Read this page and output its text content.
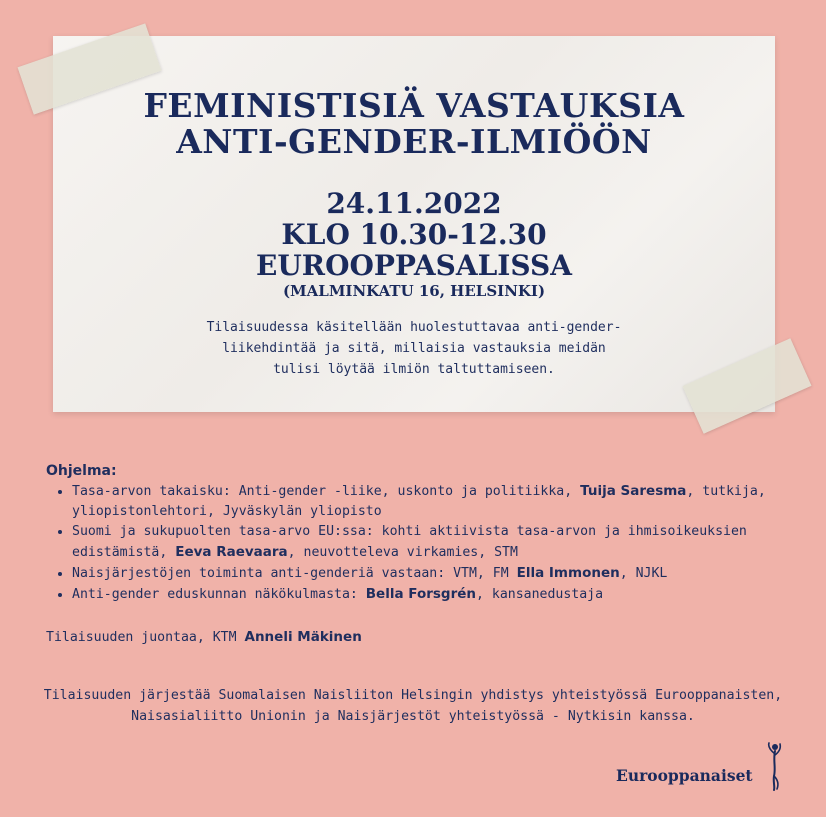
FEMINISTISIÄ VASTAUKSIA
ANTI-GENDER-ILMIÖÖN
24.11.2022
KLO 10.30-12.30
EUROOPPASALISSA
(MALMINKATU 16, HELSINKI)
Tilaisuudessa käsitellään huolestuttavaa anti-gender-liikehdintää ja sitä, millaisia vastauksia meidän tulisi löytää ilmiön taltuttamiseen.
Ohjelma:
• Tasa-arvon takaisku: Anti-gender -liike, uskonto ja politiikka, Tuija Saresma, tutkija, yliopistonlehtori, Jyväskylän yliopisto
• Suomi ja sukupuolten tasa-arvo EU:ssa: kohti aktiivista tasa-arvon ja ihmisoikeuksien edistämistä, Eeva Raevaara, neuvotteleva virkamies, STM
• Naisjärjestöjen toiminta anti-genderiä vastaan: VTM, FM Ella Immonen, NJKL
• Anti-gender eduskunnan näkökulmasta: Bella Forsgrén, kansanedustaja
Tilaisuuden juontaa, KTM Anneli Mäkinen
Tilaisuuden järjestää Suomalaisen Naisliiton Helsingin yhdistys yhteistyössä Eurooppanaisten, Naisasialiitto Unionin ja Naisjärjestöt yhteistyössä - Nytkisin kanssa.
Eurooppanaiset
